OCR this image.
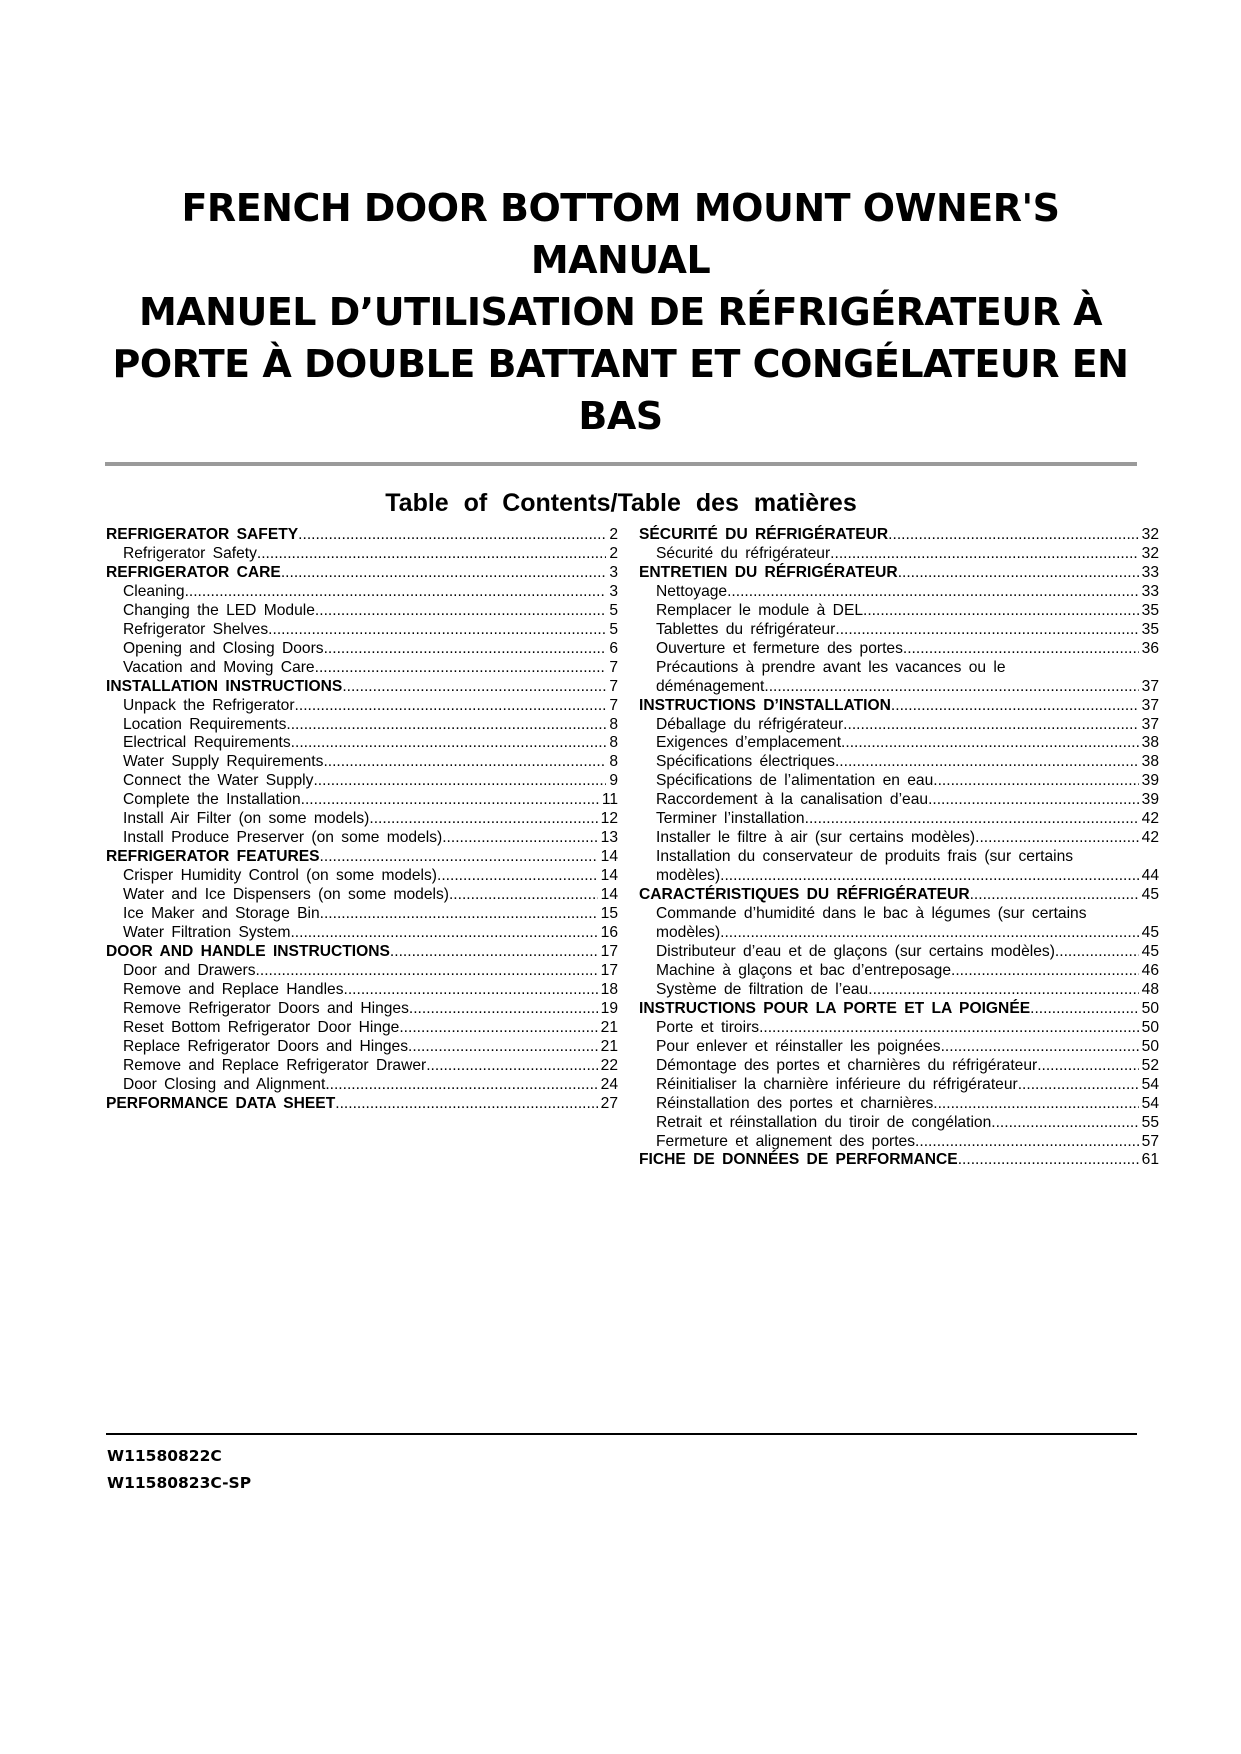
FRENCH DOOR BOTTOM MOUNT OWNER'S
MANUAL
MANUEL D’UTILISATION DE RÉFRIGÉRATEUR À
PORTE À DOUBLE BATTANT ET CONGÉLATEUR EN
BAS
Table of Contents/Table des matières
REFRIGERATOR SAFETY .....	2
Refrigerator Safety .....	2
REFRIGERATOR CARE .....	3
Cleaning .....	3
Changing the LED Module .....	5
Refrigerator Shelves .....	5
Opening and Closing Doors .....	6
Vacation and Moving Care .....	7
INSTALLATION INSTRUCTIONS .....	7
Unpack the Refrigerator .....	7
Location Requirements .....	8
Electrical Requirements .....	8
Water Supply Requirements .....	8
Connect the Water Supply .....	9
Complete the Installation .....	11
Install Air Filter (on some models) .....	12
Install Produce Preserver (on some models) .....	13
REFRIGERATOR FEATURES .....	14
Crisper Humidity Control (on some models) .....	14
Water and Ice Dispensers (on some models) .....	14
Ice Maker and Storage Bin .....	15
Water Filtration System .....	16
DOOR AND HANDLE INSTRUCTIONS .....	17
Door and Drawers .....	17
Remove and Replace Handles .....	18
Remove Refrigerator Doors and Hinges .....	19
Reset Bottom Refrigerator Door Hinge .....	21
Replace Refrigerator Doors and Hinges .....	21
Remove and Replace Refrigerator Drawer .....	22
Door Closing and Alignment .....	24
PERFORMANCE DATA SHEET .....	27
SÉCURITÉ DU RÉFRIGÉRATEUR .....	32
Sécurité du réfrigérateur .....	32
ENTRETIEN DU RÉFRIGÉRATEUR .....	33
Nettoyage .....	33
Remplacer le module à DEL .....	35
Tablettes du réfrigérateur .....	35
Ouverture et fermeture des portes .....	36
Précautions à prendre avant les vacances ou le
déménagement .....	37
INSTRUCTIONS D’INSTALLATION .....	37
Déballage du réfrigérateur .....	37
Exigences d’emplacement .....	38
Spécifications électriques .....	38
Spécifications de l’alimentation en eau .....	39
Raccordement à la canalisation d’eau .....	39
Terminer l’installation .....	42
Installer le filtre à air (sur certains modèles) .....	42
Installation du conservateur de produits frais (sur certains
modèles) .....	44
CARACTÉRISTIQUES DU RÉFRIGÉRATEUR .....	45
Commande d’humidité dans le bac à légumes (sur certains
modèles) .....	45
Distributeur d’eau et de glaçons (sur certains modèles) .....	45
Machine à glaçons et bac d’entreposage .....	46
Système de filtration de l’eau .....	48
INSTRUCTIONS POUR LA PORTE ET LA POIGNÉE .....	50
Porte et tiroirs .....	50
Pour enlever et réinstaller les poignées .....	50
Démontage des portes et charnières du réfrigérateur .....	52
Réinitialiser la charnière inférieure du réfrigérateur .....	54
Réinstallation des portes et charnières .....	54
Retrait et réinstallation du tiroir de congélation .....	55
Fermeture et alignement des portes .....	57
FICHE DE DONNÉES DE PERFORMANCE .....	61
W11580822C
W11580823C-SP
